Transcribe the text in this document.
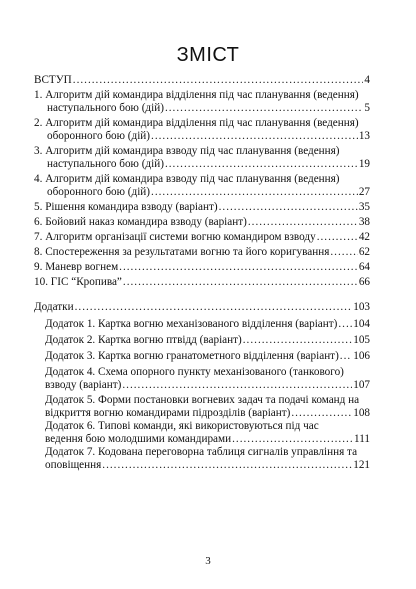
ЗМІСТ
ВСТУП .....	4
1. Алгоритм дій командира відділення під час планування (ведення)
наступального бою (дій) .....	5
2. Алгоритм дій командира відділення під час планування (ведення)
оборонного бою (дій) .....	13
3. Алгоритм дій командира взводу під час планування (ведення)
наступального бою (дій) .....	19
4. Алгоритм дій командира взводу під час планування (ведення)
оборонного бою (дій) .....	27
5. Рішення командира взводу (варіант) .....	35
6. Бойовий наказ командира взводу (варіант) .....	38
7. Алгоритм організації системи вогню командиром взводу .....	42
8. Спостереження за результатами вогню та його коригування .....	62
9. Маневр вогнем .....	64
10. ГІС “Кропива” .....	66
Додатки .....	103
Додаток 1. Картка вогню механізованого відділення (варіант) ..... 104
Додаток 2. Картка вогню птвідд (варіант) .....	105
Додаток 3. Картка вогню гранатометного відділення (варіант) ..... 106
Додаток 4. Схема опорного пункту механізованого (танкового)
взводу (варіант) .....	107
Додаток 5. Форми постановки вогневих задач та подачі команд на
відкриття вогню командирами підрозділів (варіант) .....	108
Додаток 6. Типові команди, які використовуються під час
ведення бою молодшими командирами .....	111
Додаток 7. Кодована переговорна таблиця сигналів управління та
оповіщення .....	121
3
